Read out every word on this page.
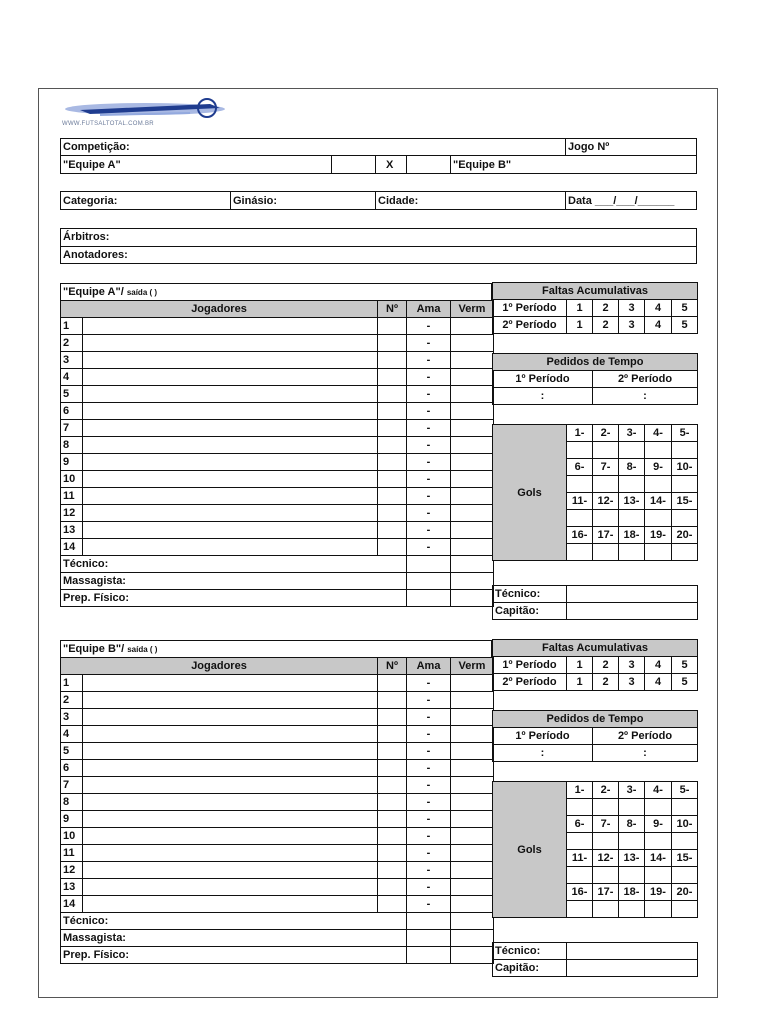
WWW.FUTSALTOTAL.COM.BR
Competição:	Jogo Nº
"Equipe A"	X	"Equipe B"
Categoria:	Ginásio:	Cidade:	Data ___/___/______
Árbitros:
Anotadores:
"Equipe A"/ saída ( )
Jogadores		Nº	Ama	Verm
1			-	
2			-	
3			-	
4			-	
5			-	
6			-	
7			-	
8			-	
9			-	
10			-	
11			-	
12			-	
13			-	
14			-	
Técnico:				
Massagista:				
Prep. Físico:				
Faltas Acumulativas					
1º Período	1	2	3	4	5
2º Período	1	2	3	4	5
Pedidos de Tempo	
1º Período	2º Período
:	:
Gols	1-	2-	3-	4-	5-

	6-	7-	8-	9-	10-

	11-	12-	13-	14-	15-

	16-	17-	18-	19-	20-

Técnico:	
Capitão:	
"Equipe B"/ saída ( )
Jogadores		Nº	Ama	Verm
1			-	
2			-	
3			-	
4			-	
5			-	
6			-	
7			-	
8			-	
9			-	
10			-	
11			-	
12			-	
13			-	
14			-	
Técnico:				
Massagista:				
Prep. Físico:				
Faltas Acumulativas					
1º Período	1	2	3	4	5
2º Período	1	2	3	4	5
Pedidos de Tempo	
1º Período	2º Período
:	:
Gols	1-	2-	3-	4-	5-

	6-	7-	8-	9-	10-

	11-	12-	13-	14-	15-

	16-	17-	18-	19-	20-

Técnico:	
Capitão:	
